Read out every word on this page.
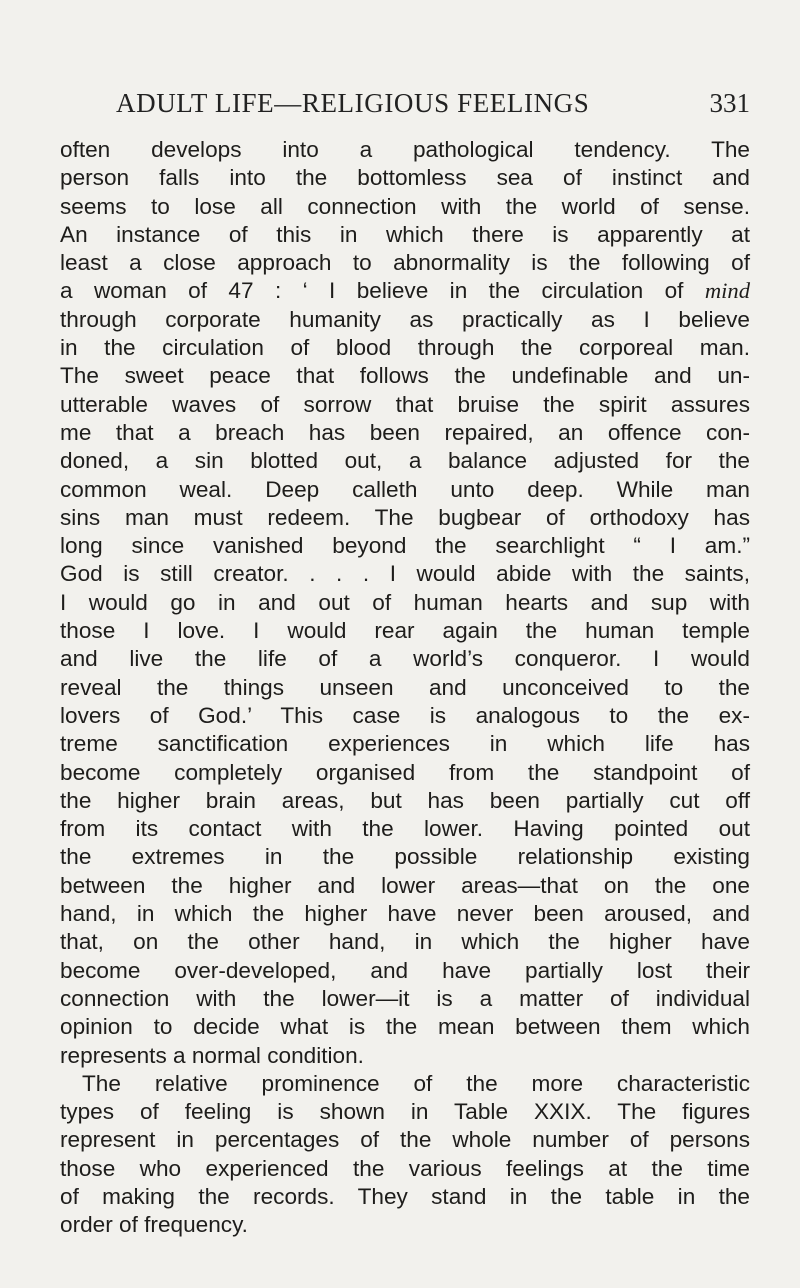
ADULT LIFE—RELIGIOUS FEELINGS	331
often develops into a pathological tendency. The
person falls into the bottomless sea of instinct and
seems to lose all connection with the world of sense.
An instance of this in which there is apparently at
least a close approach to abnormality is the following of
a woman of 47 : ‘ I believe in the circulation of mind
through corporate humanity as practically as I believe
in the circulation of blood through the corporeal man.
The sweet peace that follows the undefinable and un-
utterable waves of sorrow that bruise the spirit assures
me that a breach has been repaired, an offence con-
doned, a sin blotted out, a balance adjusted for the
common weal. Deep calleth unto deep. While man
sins man must redeem. The bugbear of orthodoxy has
long since vanished beyond the searchlight “ I am.”
God is still creator. . . . I would abide with the saints,
I would go in and out of human hearts and sup with
those I love. I would rear again the human temple
and live the life of a world’s conqueror. I would
reveal the things unseen and unconceived to the
lovers of God.’ This case is analogous to the ex-
treme sanctification experiences in which life has
become completely organised from the standpoint of
the higher brain areas, but has been partially cut off
from its contact with the lower. Having pointed out
the extremes in the possible relationship existing
between the higher and lower areas—that on the one
hand, in which the higher have never been aroused, and
that, on the other hand, in which the higher have
become over-developed, and have partially lost their
connection with the lower—it is a matter of individual
opinion to decide what is the mean between them which
represents a normal condition.
The relative prominence of the more characteristic
types of feeling is shown in Table XXIX. The figures
represent in percentages of the whole number of persons
those who experienced the various feelings at the time
of making the records. They stand in the table in the
order of frequency.
